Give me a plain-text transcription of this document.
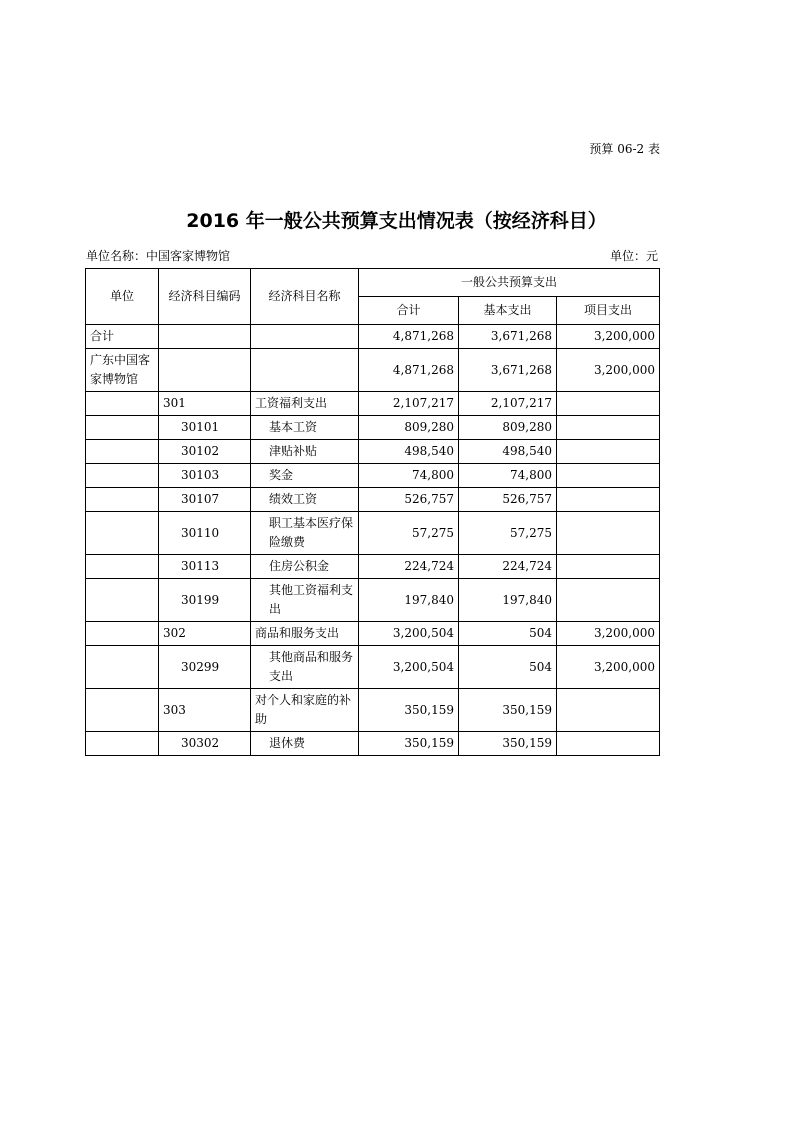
预算 06-2 表
2016 年一般公共预算支出情况表（按经济科目）
单位名称：中国客家博物馆	单位：元
单位	经济科目编码	经济科目名称	一般公共预算支出		
			合计	基本支出	项目支出
合计			4,871,268	3,671,268	3,200,000
广东中国客家博物馆			4,871,268	3,671,268	3,200,000
	301	工资福利支出	2,107,217	2,107,217	
	30101	基本工资	809,280	809,280	
	30102	津贴补贴	498,540	498,540	
	30103	奖金	74,800	74,800	
	30107	绩效工资	526,757	526,757	
	30110	职工基本医疗保险缴费	57,275	57,275	
	30113	住房公积金	224,724	224,724	
	30199	其他工资福利支出	197,840	197,840	
	302	商品和服务支出	3,200,504	504	3,200,000
	30299	其他商品和服务支出	3,200,504	504	3,200,000
	303	对个人和家庭的补助	350,159	350,159	
	30302	退休费	350,159	350,159	
